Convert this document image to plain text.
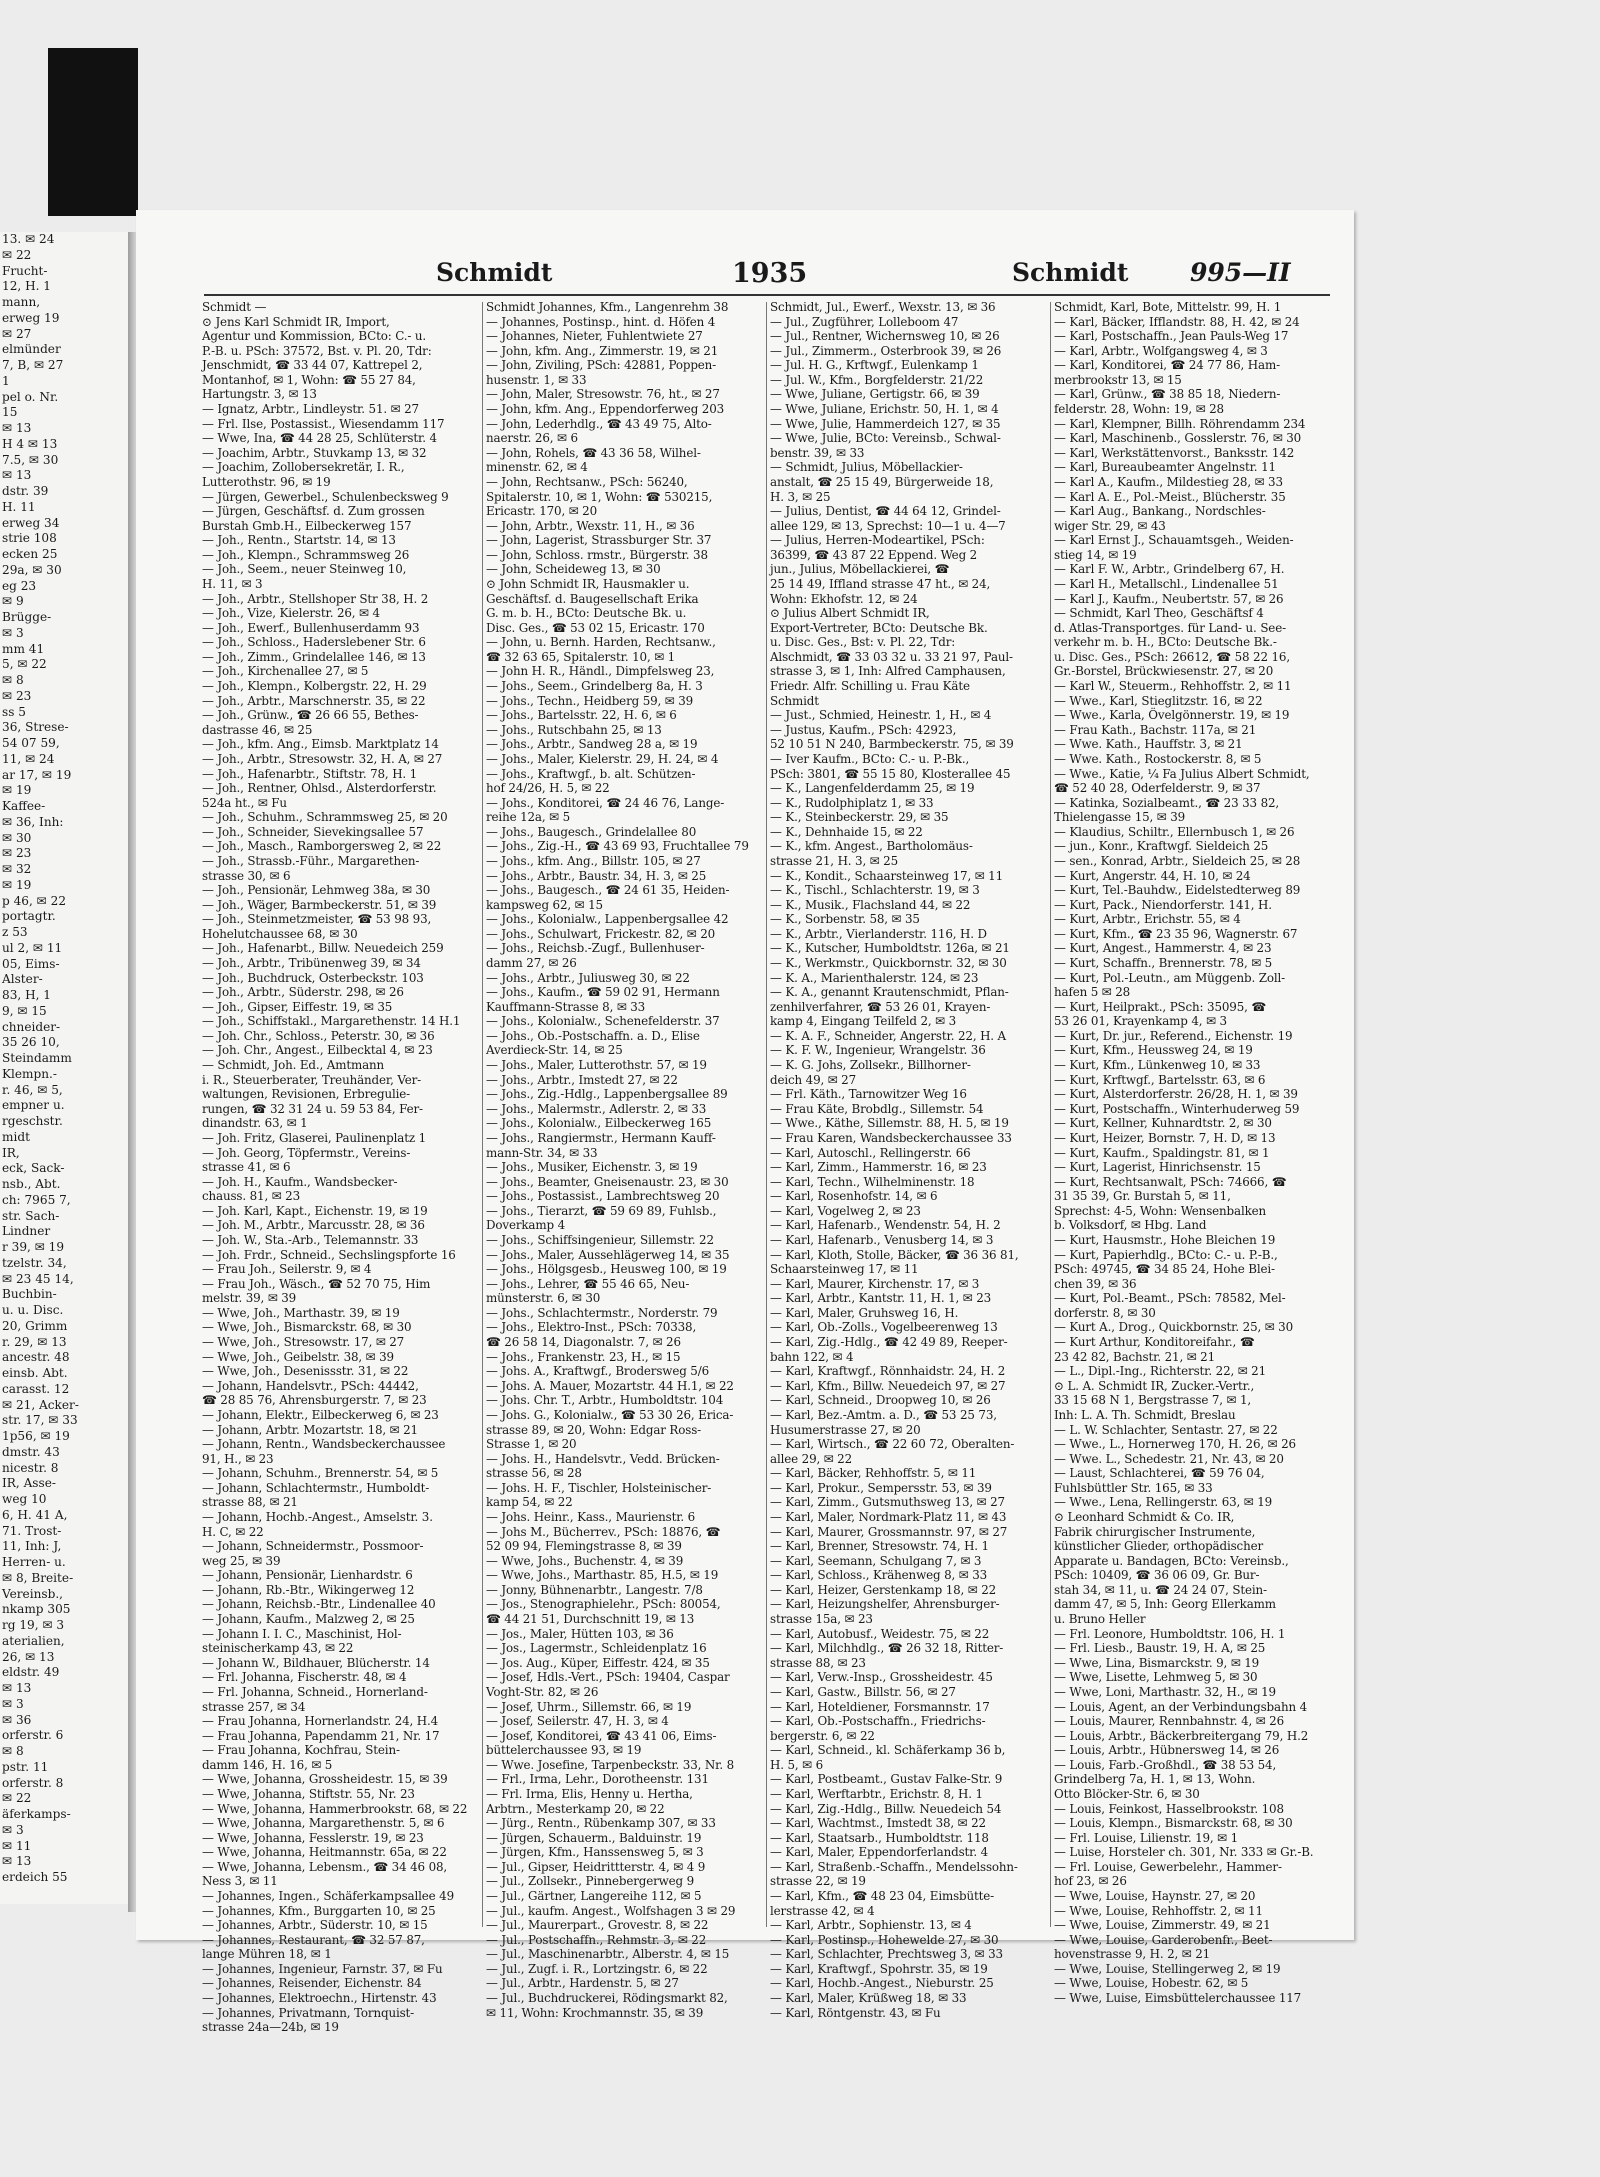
13. ✉ 24
✉ 22
Frucht-
12, H. 1
mann,
erweg 19
✉ 27
elmünder
7, B, ✉ 27
1
pel o. Nr.
15
✉ 13
H 4 ✉ 13
7.5, ✉ 30
✉ 13
dstr. 39
H. 11
erweg 34
strie 108
ecken 25
29a, ✉ 30
eg 23
✉ 9
Brügge-
✉ 3
mm 41
5, ✉ 22
✉ 8
✉ 23
ss 5
36, Strese-
54 07 59,
11, ✉ 24
ar 17, ✉ 19
✉ 19
Kaffee-
✉ 36, Inh:
✉ 30
✉ 23
✉ 32
✉ 19
p 46, ✉ 22
portagtr.
z 53
ul 2, ✉ 11
05, Eims-
Alster-
83, H, 1
9, ✉ 15
chneider-
35 26 10,
Steindamm
Klempn.-
r. 46, ✉ 5,
empner u.
rgeschstr.
midt
IR,
eck, Sack-
nsb., Abt.
ch: 7965 7,
str. Sach-
Lindner
r 39, ✉ 19
tzelstr. 34,
✉ 23 45 14,
Buchbin-
u. u. Disc.
20, Grimm
r. 29, ✉ 13
ancestr. 48
einsb. Abt.
carasst. 12
✉ 21, Acker-
str. 17, ✉ 33
1p56, ✉ 19
dmstr. 43
nicestr. 8
IR, Asse-
weg 10
6, H. 41 A,
71. Trost-
11, Inh: J,
Herren- u.
✉ 8, Breite-
Vereinsb.,
nkamp 305
rg 19, ✉ 3
aterialien,
26, ✉ 13
eldstr. 49
✉ 13
✉ 3
✉ 36
orferstr. 6
✉ 8
pstr. 11
orferstr. 8
✉ 22
äferkamps-
✉ 3
✉ 11
✉ 13
erdeich 55
Schmidt	1935	Schmidt 995—II
Schmidt —
⊙ Jens Karl Schmidt IR, Import,
Agentur und Kommission, BCto: C.- u.
P.-B. u. PSch: 37572, Bst. v. Pl. 20, Tdr:
Jenschmidt, ☎ 33 44 07, Kattrepel 2,
Montanhof, ✉ 1, Wohn: ☎ 55 27 84,
Hartungstr. 3, ✉ 13
— Ignatz, Arbtr., Lindleystr. 51. ✉ 27
— Frl. Ilse, Postassist., Wiesendamm 117
— Wwe, Ina, ☎ 44 28 25, Schlüterstr. 4
— Joachim, Arbtr., Stuvkamp 13, ✉ 32
— Joachim, Zollobersekretär, I. R.,
Lutterothstr. 96, ✉ 19
— Jürgen, Gewerbel., Schulenbecksweg 9
— Jürgen, Geschäftsf. d. Zum grossen
Burstah Gmb.H., Eilbeckerweg 157
— Joh., Rentn., Startstr. 14, ✉ 13
— Joh., Klempn., Schrammsweg 26
— Joh., Seem., neuer Steinweg 10,
H. 11, ✉ 3
— Joh., Arbtr., Stellshoper Str 38, H. 2
— Joh., Vize, Kielerstr. 26, ✉ 4
— Joh., Ewerf., Bullenhuserdamm 93
— Joh., Schloss., Haderslebener Str. 6
— Joh., Zimm., Grindelallee 146, ✉ 13
— Joh., Kirchenallee 27, ✉ 5
— Joh., Klempn., Kolbergstr. 22, H. 29
— Joh., Arbtr., Marschnerstr. 35, ✉ 22
— Joh., Grünw., ☎ 26 66 55, Bethes-
dastrasse 46, ✉ 25
— Joh., kfm. Ang., Eimsb. Marktplatz 14
— Joh., Arbtr., Stresowstr. 32, H. A, ✉ 27
— Joh., Hafenarbtr., Stiftstr. 78, H. 1
— Joh., Rentner, Ohlsd., Alsterdorferstr.
524a ht., ✉ Fu
— Joh., Schuhm., Schrammsweg 25, ✉ 20
— Joh., Schneider, Sievekingsallee 57
— Joh., Masch., Ramborgersweg 2, ✉ 22
— Joh., Strassb.-Führ., Margarethen-
strasse 30, ✉ 6
— Joh., Pensionär, Lehmweg 38a, ✉ 30
— Joh., Wäger, Barmbeckerstr. 51, ✉ 39
— Joh., Steinmetzmeister, ☎ 53 98 93,
Hohelutchaussee 68, ✉ 30
— Joh., Hafenarbt., Billw. Neuedeich 259
— Joh., Arbtr., Tribünenweg 39, ✉ 34
— Joh., Buchdruck, Osterbeckstr. 103
— Joh., Arbtr., Süderstr. 298, ✉ 26
— Joh., Gipser, Eiffestr. 19, ✉ 35
— Joh., Schiffstakl., Margarethenstr. 14 H.1
— Joh. Chr., Schloss., Peterstr. 30, ✉ 36
— Joh. Chr., Angest., Eilbecktal 4, ✉ 23
— Schmidt, Joh. Ed., Amtmann
i. R., Steuerberater, Treuhänder, Ver-
waltungen, Revisionen, Erbregulie-
rungen, ☎ 32 31 24 u. 59 53 84, Fer-
dinandstr. 63, ✉ 1
— Joh. Fritz, Glaserei, Paulinenplatz 1
— Joh. Georg, Töpfermstr., Vereins-
strasse 41, ✉ 6
— Joh. H., Kaufm., Wandsbecker-
chauss. 81, ✉ 23
— Joh. Karl, Kapt., Eichenstr. 19, ✉ 19
— Joh. M., Arbtr., Marcusstr. 28, ✉ 36
— Joh. W., Sta.-Arb., Telemannstr. 33
— Joh. Frdr., Schneid., Sechslingspforte 16
— Frau Joh., Seilerstr. 9, ✉ 4
— Frau Joh., Wäsch., ☎ 52 70 75, Him
melstr. 39, ✉ 39
— Wwe, Joh., Marthastr. 39, ✉ 19
— Wwe, Joh., Bismarckstr. 68, ✉ 30
— Wwe, Joh., Stresowstr. 17, ✉ 27
— Wwe, Joh., Geibelstr. 38, ✉ 39
— Wwe, Joh., Desenissstr. 31, ✉ 22
— Johann, Handelsvtr., PSch: 44442,
☎ 28 85 76, Ahrensburgerstr. 7, ✉ 23
— Johann, Elektr., Eilbeckerweg 6, ✉ 23
— Johann, Arbtr. Mozartstr. 18, ✉ 21
— Johann, Rentn., Wandsbeckerchaussee
91, H., ✉ 23
— Johann, Schuhm., Brennerstr. 54, ✉ 5
— Johann, Schlachtermstr., Humboldt-
strasse 88, ✉ 21
— Johann, Hochb.-Angest., Amselstr. 3.
H. C, ✉ 22
— Johann, Schneidermstr., Possmoor-
weg 25, ✉ 39
— Johann, Pensionär, Lienhardstr. 6
— Johann, Rb.-Btr., Wikingerweg 12
— Johann, Reichsb.-Btr., Lindenallee 40
— Johann, Kaufm., Malzweg 2, ✉ 25
— Johann I. I. C., Maschinist, Hol-
steinischerkamp 43, ✉ 22
— Johann W., Bildhauer, Blücherstr. 14
— Frl. Johanna, Fischerstr. 48, ✉ 4
— Frl. Johanna, Schneid., Hornerland-
strasse 257, ✉ 34
— Frau Johanna, Hornerlandstr. 24, H.4
— Frau Johanna, Papendamm 21, Nr. 17
— Frau Johanna, Kochfrau, Stein-
damm 146, H. 16, ✉ 5
— Wwe, Johanna, Grossheidestr. 15, ✉ 39
— Wwe, Johanna, Stiftstr. 55, Nr. 23
— Wwe, Johanna, Hammerbrookstr. 68, ✉ 22
— Wwe, Johanna, Margarethenstr. 5, ✉ 6
— Wwe, Johanna, Fesslerstr. 19, ✉ 23
— Wwe, Johanna, Heitmannstr. 65a, ✉ 22
— Wwe, Johanna, Lebensm., ☎ 34 46 08,
Ness 3, ✉ 11
— Johannes, Ingen., Schäferkampsallee 49
— Johannes, Kfm., Burggarten 10, ✉ 25
— Johannes, Arbtr., Süderstr. 10, ✉ 15
— Johannes, Restaurant, ☎ 32 57 87,
lange Mühren 18, ✉ 1
— Johannes, Ingenieur, Farnstr. 37, ✉ Fu
— Johannes, Reisender, Eichenstr. 84
— Johannes, Elektroechn., Hirtenstr. 43
— Johannes, Privatmann, Tornquist-
strasse 24a—24b, ✉ 19
Schmidt Johannes, Kfm., Langenrehm 38
— Johannes, Postinsp., hint. d. Höfen 4
— Johannes, Nieter, Fuhlentwiete 27
— John, kfm. Ang., Zimmerstr. 19, ✉ 21
— John, Ziviling, PSch: 42881, Poppen-
husenstr. 1, ✉ 33
— John, Maler, Stresowstr. 76, ht., ✉ 27
— John, kfm. Ang., Eppendorferweg 203
— John, Lederhdlg., ☎ 43 49 75, Alto-
naerstr. 26, ✉ 6
— John, Rohels, ☎ 43 36 58, Wilhel-
minenstr. 62, ✉ 4
— John, Rechtsanw., PSch: 56240,
Spitalerstr. 10, ✉ 1, Wohn: ☎ 530215,
Ericastr. 170, ✉ 20
— John, Arbtr., Wexstr. 11, H., ✉ 36
— John, Lagerist, Strassburger Str. 37
— John, Schloss. rmstr., Bürgerstr. 38
— John, Scheideweg 13, ✉ 30
⊙ John Schmidt IR, Hausmakler u.
Geschäftsf. d. Baugesellschaft Erika
G. m. b. H., BCto: Deutsche Bk. u.
Disc. Ges., ☎ 53 02 15, Ericastr. 170
— John, u. Bernh. Harden, Rechtsanw.,
☎ 32 63 65, Spitalerstr. 10, ✉ 1
— John H. R., Händl., Dimpfelsweg 23,
— Johs., Seem., Grindelberg 8a, H. 3
— Johs., Techn., Heidberg 59, ✉ 39
— Johs., Bartelsstr. 22, H. 6, ✉ 6
— Johs., Rutschbahn 25, ✉ 13
— Johs., Arbtr., Sandweg 28 a, ✉ 19
— Johs., Maler, Kielerstr. 29, H. 24, ✉ 4
— Johs., Kraftwgf., b. alt. Schützen-
hof 24/26, H. 5, ✉ 22
— Johs., Konditorei, ☎ 24 46 76, Lange-
reihe 12a, ✉ 5
— Johs., Baugesch., Grindelallee 80
— Johs., Zig.-H., ☎ 43 69 93, Fruchtallee 79
— Johs., kfm. Ang., Billstr. 105, ✉ 27
— Johs., Arbtr., Baustr. 34, H. 3, ✉ 25
— Johs., Baugesch., ☎ 24 61 35, Heiden-
kampsweg 62, ✉ 15
— Johs., Kolonialw., Lappenbergsallee 42
— Johs., Schulwart, Frickestr. 82, ✉ 20
— Johs., Reichsb.-Zugf., Bullenhuser-
damm 27, ✉ 26
— Johs., Arbtr., Juliusweg 30, ✉ 22
— Johs., Kaufm., ☎ 59 02 91, Hermann
Kauffmann-Strasse 8, ✉ 33
— Johs., Kolonialw., Schenefelderstr. 37
— Johs., Ob.-Postschaffn. a. D., Elise
Averdieck-Str. 14, ✉ 25
— Johs., Maler, Lutterothstr. 57, ✉ 19
— Johs., Arbtr., Imstedt 27, ✉ 22
— Johs., Zig.-Hdlg., Lappenbergsallee 89
— Johs., Malermstr., Adlerstr. 2, ✉ 33
— Johs., Kolonialw., Eilbeckerweg 165
— Johs., Rangiermstr., Hermann Kauff-
mann-Str. 34, ✉ 33
— Johs., Musiker, Eichenstr. 3, ✉ 19
— Johs., Beamter, Gneisenaustr. 23, ✉ 30
— Johs., Postassist., Lambrechtsweg 20
— Johs., Tierarzt, ☎ 59 69 89, Fuhlsb.,
Doverkamp 4
— Johs., Schiffsingenieur, Sillemstr. 22
— Johs., Maler, Aussehlägerweg 14, ✉ 35
— Johs., Hölgsgesb., Heusweg 100, ✉ 19
— Johs., Lehrer, ☎ 55 46 65, Neu-
münsterstr. 6, ✉ 30
— Johs., Schlachtermstr., Norderstr. 79
— Johs., Elektro-Inst., PSch: 70338,
☎ 26 58 14, Diagonalstr. 7, ✉ 26
— Johs., Frankenstr. 23, H., ✉ 15
— Johs. A., Kraftwgf., Brodersweg 5/6
— Johs. A. Mauer, Mozartstr. 44 H.1, ✉ 22
— Johs. Chr. T., Arbtr., Humboldtstr. 104
— Johs. G., Kolonialw., ☎ 53 30 26, Erica-
strasse 89, ✉ 20, Wohn: Edgar Ross-
Strasse 1, ✉ 20
— Johs. H., Handelsvtr., Vedd. Brücken-
strasse 56, ✉ 28
— Johs. H. F., Tischler, Holsteinischer-
kamp 54, ✉ 22
— Johs. Heinr., Kass., Maurienstr. 6
— Johs M., Bücherrev., PSch: 18876, ☎
52 09 94, Flemingstrasse 8, ✉ 39
— Wwe, Johs., Buchenstr. 4, ✉ 39
— Wwe, Johs., Marthastr. 85, H.5, ✉ 19
— Jonny, Bühnenarbtr., Langestr. 7/8
— Jos., Stenographielehr., PSch: 80054,
☎ 44 21 51, Durchschnitt 19, ✉ 13
— Jos., Maler, Hütten 103, ✉ 36
— Jos., Lagermstr., Schleidenplatz 16
— Jos. Aug., Küper, Eiffestr. 424, ✉ 35
— Josef, Hdls.-Vert., PSch: 19404, Caspar
Voght-Str. 82, ✉ 26
— Josef, Uhrm., Sillemstr. 66, ✉ 19
— Josef, Seilerstr. 47, H. 3, ✉ 4
— Josef, Konditorei, ☎ 43 41 06, Eims-
büttelerchaussee 93, ✉ 19
— Wwe. Josefine, Tarpenbeckstr. 33, Nr. 8
— Frl., Irma, Lehr., Dorotheenstr. 131
— Frl. Irma, Elis, Henny u. Hertha,
Arbtrn., Mesterkamp 20, ✉ 22
— Jürg., Rentn., Rübenkamp 307, ✉ 33
— Jürgen, Schauerm., Balduinstr. 19
— Jürgen, Kfm., Hanssensweg 5, ✉ 3
— Jul., Gipser, Heidrittterstr. 4, ✉ 4 9
— Jul., Zollsekr., Pinnebergerweg 9
— Jul., Gärtner, Langereihe 112, ✉ 5
— Jul., kaufm. Angest., Wolfshagen 3 ✉ 29
— Jul., Maurerpart., Grovestr. 8, ✉ 22
— Jul., Postschaffn., Rehmstr. 3, ✉ 22
— Jul., Maschinenarbtr., Alberstr. 4, ✉ 15
— Jul., Zugf. i. R., Lortzingstr. 6, ✉ 22
— Jul., Arbtr., Hardenstr. 5, ✉ 27
— Jul., Buchdruckerei, Rödingsmarkt 82,
✉ 11, Wohn: Krochmannstr. 35, ✉ 39
Schmidt, Jul., Ewerf., Wexstr. 13, ✉ 36
— Jul., Zugführer, Lolleboom 47
— Jul., Rentner, Wichernsweg 10, ✉ 26
— Jul., Zimmerm., Osterbrook 39, ✉ 26
— Jul. H. G., Krftwgf., Eulenkamp 1
— Jul. W., Kfm., Borgfelderstr. 21/22
— Wwe, Juliane, Gertigstr. 66, ✉ 39
— Wwe, Juliane, Erichstr. 50, H. 1, ✉ 4
— Wwe, Julie, Hammerdeich 127, ✉ 35
— Wwe, Julie, BCto: Vereinsb., Schwal-
benstr. 39, ✉ 33
— Schmidt, Julius, Möbellackier-
anstalt, ☎ 25 15 49, Bürgerweide 18,
H. 3, ✉ 25
— Julius, Dentist, ☎ 44 64 12, Grindel-
allee 129, ✉ 13, Sprechst: 10—1 u. 4—7
— Julius, Herren-Modeartikel, PSch:
36399, ☎ 43 87 22 Eppend. Weg 2
jun., Julius, Möbellackierei, ☎
25 14 49, Iffland strasse 47 ht., ✉ 24,
Wohn: Ekhofstr. 12, ✉ 24
⊙ Julius Albert Schmidt IR,
Export-Vertreter, BCto: Deutsche Bk.
u. Disc. Ges., Bst: v. Pl. 22, Tdr:
Alschmidt, ☎ 33 03 32 u. 33 21 97, Paul-
strasse 3, ✉ 1, Inh: Alfred Camphausen,
Friedr. Alfr. Schilling u. Frau Käte
Schmidt
— Just., Schmied, Heinestr. 1, H., ✉ 4
— Justus, Kaufm., PSch: 42923,
52 10 51 N 240, Barmbeckerstr. 75, ✉ 39
— Iver Kaufm., BCto: C.- u. P.-Bk.,
PSch: 3801, ☎ 55 15 80, Klosterallee 45
— K., Langenfelderdamm 25, ✉ 19
— K., Rudolphiplatz 1, ✉ 33
— K., Steinbeckerstr. 29, ✉ 35
— K., Dehnhaide 15, ✉ 22
— K., kfm. Angest., Bartholomäus-
strasse 21, H. 3, ✉ 25
— K., Kondit., Schaarsteinweg 17, ✉ 11
— K., Tischl., Schlachterstr. 19, ✉ 3
— K., Musik., Flachsland 44, ✉ 22
— K., Sorbenstr. 58, ✉ 35
— K., Arbtr., Vierlanderstr. 116, H. D
— K., Kutscher, Humboldtstr. 126a, ✉ 21
— K., Werkmstr., Quickbornstr. 32, ✉ 30
— K. A., Marienthalerstr. 124, ✉ 23
— K. A., genannt Krautenschmidt, Pflan-
zenhilverfahrer, ☎ 53 26 01, Krayen-
kamp 4, Eingang Teilfeld 2, ✉ 3
— K. A. F., Schneider, Angerstr. 22, H. A
— K. F. W., Ingenieur, Wrangelstr. 36
— K. G. Johs, Zollsekr., Billhorner-
deich 49, ✉ 27
— Frl. Käth., Tarnowitzer Weg 16
— Frau Käte, Brobdlg., Sillemstr. 54
— Wwe., Käthe, Sillemstr. 88, H. 5, ✉ 19
— Frau Karen, Wandsbeckerchaussee 33
— Karl, Autoschl., Rellingerstr. 66
— Karl, Zimm., Hammerstr. 16, ✉ 23
— Karl, Techn., Wilhelminenstr. 18
— Karl, Rosenhofstr. 14, ✉ 6
— Karl, Vogelweg 2, ✉ 23
— Karl, Hafenarb., Wendenstr. 54, H. 2
— Karl, Hafenarb., Venusberg 14, ✉ 3
— Karl, Kloth, Stolle, Bäcker, ☎ 36 36 81,
Schaarsteinweg 17, ✉ 11
— Karl, Maurer, Kirchenstr. 17, ✉ 3
— Karl, Arbtr., Kantstr. 11, H. 1, ✉ 23
— Karl, Maler, Gruhsweg 16, H.
— Karl, Ob.-Zolls., Vogelbeerenweg 13
— Karl, Zig.-Hdlg., ☎ 42 49 89, Reeper-
bahn 122, ✉ 4
— Karl, Kraftwgf., Rönnhaidstr. 24, H. 2
— Karl, Kfm., Billw. Neuedeich 97, ✉ 27
— Karl, Schneid., Droopweg 10, ✉ 26
— Karl, Bez.-Amtm. a. D., ☎ 53 25 73,
Husumerstrasse 27, ✉ 20
— Karl, Wirtsch., ☎ 22 60 72, Oberalten-
allee 29, ✉ 22
— Karl, Bäcker, Rehhoffstr. 5, ✉ 11
— Karl, Prokur., Sempersstr. 53, ✉ 39
— Karl, Zimm., Gutsmuthsweg 13, ✉ 27
— Karl, Maler, Nordmark-Platz 11, ✉ 43
— Karl, Maurer, Grossmannstr. 97, ✉ 27
— Karl, Brenner, Stresowstr. 74, H. 1
— Karl, Seemann, Schulgang 7, ✉ 3
— Karl, Schloss., Krähenweg 8, ✉ 33
— Karl, Heizer, Gerstenkamp 18, ✉ 22
— Karl, Heizungshelfer, Ahrensburger-
strasse 15a, ✉ 23
— Karl, Autobusf., Weidestr. 75, ✉ 22
— Karl, Milchhdlg., ☎ 26 32 18, Ritter-
strasse 88, ✉ 23
— Karl, Verw.-Insp., Grossheidestr. 45
— Karl, Gastw., Billstr. 56, ✉ 27
— Karl, Hoteldiener, Forsmannstr. 17
— Karl, Ob.-Postschaffn., Friedrichs-
bergerstr. 6, ✉ 22
— Karl, Schneid., kl. Schäferkamp 36 b,
H. 5, ✉ 6
— Karl, Postbeamt., Gustav Falke-Str. 9
— Karl, Werftarbtr., Erichstr. 8, H. 1
— Karl, Zig.-Hdlg., Billw. Neuedeich 54
— Karl, Wachtmst., Imstedt 38, ✉ 22
— Karl, Staatsarb., Humboldtstr. 118
— Karl, Maler, Eppendorferlandstr. 4
— Karl, Straßenb.-Schaffn., Mendelssohn-
strasse 22, ✉ 19
— Karl, Kfm., ☎ 48 23 04, Eimsbütte-
lerstrasse 42, ✉ 4
— Karl, Arbtr., Sophienstr. 13, ✉ 4
— Karl, Postinsp., Hohewelde 27, ✉ 30
— Karl, Schlachter, Prechtsweg 3, ✉ 33
— Karl, Kraftwgf., Spohrstr. 35, ✉ 19
— Karl, Hochb.-Angest., Nieburstr. 25
— Karl, Maler, Krüßweg 18, ✉ 33
— Karl, Röntgenstr. 43, ✉ Fu
Schmidt, Karl, Bote, Mittelstr. 99, H. 1
— Karl, Bäcker, Ifflandstr. 88, H. 42, ✉ 24
— Karl, Postschaffn., Jean Pauls-Weg 17
— Karl, Arbtr., Wolfgangsweg 4, ✉ 3
— Karl, Konditorei, ☎ 24 77 86, Ham-
merbrookstr 13, ✉ 15
— Karl, Grünw., ☎ 38 85 18, Niedern-
felderstr. 28, Wohn: 19, ✉ 28
— Karl, Klempner, Billh. Röhrendamm 234
— Karl, Maschinenb., Gosslerstr. 76, ✉ 30
— Karl, Werkstättenvorst., Banksstr. 142
— Karl, Bureaubeamter Angelnstr. 11
— Karl A., Kaufm., Mildestieg 28, ✉ 33
— Karl A. E., Pol.-Meist., Blücherstr. 35
— Karl Aug., Bankang., Nordschles-
wiger Str. 29, ✉ 43
— Karl Ernst J., Schauamtsgeh., Weiden-
stieg 14, ✉ 19
— Karl F. W., Arbtr., Grindelberg 67, H.
— Karl H., Metallschl., Lindenallee 51
— Karl J., Kaufm., Neubertstr. 57, ✉ 26
— Schmidt, Karl Theo, Geschäftsf 4
d. Atlas-Transportges. für Land- u. See-
verkehr m. b. H., BCto: Deutsche Bk.-
u. Disc. Ges., PSch: 26612, ☎ 58 22 16,
Gr.-Borstel, Brückwiesenstr. 27, ✉ 20
— Karl W., Steuerm., Rehhoffstr. 2, ✉ 11
— Wwe., Karl, Stieglitzstr. 16, ✉ 22
— Wwe., Karla, Övelgönnerstr. 19, ✉ 19
— Frau Kath., Bachstr. 117a, ✉ 21
— Wwe. Kath., Hauffstr. 3, ✉ 21
— Wwe. Kath., Rostockerstr. 8, ✉ 5
— Wwe., Katie, ¼ Fa Julius Albert Schmidt,
☎ 52 40 28, Oderfelderstr. 9, ✉ 37
— Katinka, Sozialbeamt., ☎ 23 33 82,
Thielengasse 15, ✉ 39
— Klaudius, Schiltr., Ellernbusch 1, ✉ 26
— jun., Konr., Kraftwgf. Sieldeich 25
— sen., Konrad, Arbtr., Sieldeich 25, ✉ 28
— Kurt, Angerstr. 44, H. 10, ✉ 24
— Kurt, Tel.-Bauhdw., Eidelstedterweg 89
— Kurt, Pack., Niendorferstr. 141, H.
— Kurt, Arbtr., Erichstr. 55, ✉ 4
— Kurt, Kfm., ☎ 23 35 96, Wagnerstr. 67
— Kurt, Angest., Hammerstr. 4, ✉ 23
— Kurt, Schaffn., Brennerstr. 78, ✉ 5
— Kurt, Pol.-Leutn., am Müggenb. Zoll-
hafen 5 ✉ 28
— Kurt, Heilprakt., PSch: 35095, ☎
53 26 01, Krayenkamp 4, ✉ 3
— Kurt, Dr. jur., Referend., Eichenstr. 19
— Kurt, Kfm., Heussweg 24, ✉ 19
— Kurt, Kfm., Lünkenweg 10, ✉ 33
— Kurt, Krftwgf., Bartelsstr. 63, ✉ 6
— Kurt, Alsterdorferstr. 26/28, H. 1, ✉ 39
— Kurt, Postschaffn., Winterhuderweg 59
— Kurt, Kellner, Kuhnardtstr. 2, ✉ 30
— Kurt, Heizer, Bornstr. 7, H. D, ✉ 13
— Kurt, Kaufm., Spaldingstr. 81, ✉ 1
— Kurt, Lagerist, Hinrichsenstr. 15
— Kurt, Rechtsanwalt, PSch: 74666, ☎
31 35 39, Gr. Burstah 5, ✉ 11,
Sprechst: 4-5, Wohn: Wensenbalken
b. Volksdorf, ✉ Hbg. Land
— Kurt, Hausmstr., Hohe Bleichen 19
— Kurt, Papierhdlg., BCto: C.- u. P.-B.,
PSch: 49745, ☎ 34 85 24, Hohe Blei-
chen 39, ✉ 36
— Kurt, Pol.-Beamt., PSch: 78582, Mel-
dorferstr. 8, ✉ 30
— Kurt A., Drog., Quickbornstr. 25, ✉ 30
— Kurt Arthur, Konditoreifahr., ☎
23 42 82, Bachstr. 21, ✉ 21
— L., Dipl.-Ing., Richterstr. 22, ✉ 21
⊙ L. A. Schmidt IR, Zucker.-Vertr.,
33 15 68 N 1, Bergstrasse 7, ✉ 1,
Inh: L. A. Th. Schmidt, Breslau
— L. W. Schlachter, Sentastr. 27, ✉ 22
— Wwe., L., Hornerweg 170, H. 26, ✉ 26
— Wwe. L., Schedestr. 21, Nr. 43, ✉ 20
— Laust, Schlachterei, ☎ 59 76 04,
Fuhlsbüttler Str. 165, ✉ 33
— Wwe., Lena, Rellingerstr. 63, ✉ 19
⊙ Leonhard Schmidt & Co. IR,
Fabrik chirurgischer Instrumente,
künstlicher Glieder, orthopädischer
Apparate u. Bandagen, BCto: Vereinsb.,
PSch: 10409, ☎ 36 06 09, Gr. Bur-
stah 34, ✉ 11, u. ☎ 24 24 07, Stein-
damm 47, ✉ 5, Inh: Georg Ellerkamm
u. Bruno Heller
— Frl. Leonore, Humboldtstr. 106, H. 1
— Frl. Liesb., Baustr. 19, H. A, ✉ 25
— Wwe, Lina, Bismarckstr. 9, ✉ 19
— Wwe, Lisette, Lehmweg 5, ✉ 30
— Wwe, Loni, Marthastr. 32, H., ✉ 19
— Louis, Agent, an der Verbindungsbahn 4
— Louis, Maurer, Rennbahnstr. 4, ✉ 26
— Louis, Arbtr., Bäckerbreitergang 79, H.2
— Louis, Arbtr., Hübnersweg 14, ✉ 26
— Louis, Farb.-Großhdl., ☎ 38 53 54,
Grindelberg 7a, H. 1, ✉ 13, Wohn.
Otto Blöcker-Str. 6, ✉ 30
— Louis, Feinkost, Hasselbrookstr. 108
— Louis, Klempn., Bismarckstr. 68, ✉ 30
— Frl. Louise, Lilienstr. 19, ✉ 1
— Luise, Horsteler ch. 301, Nr. 333 ✉ Gr.-B.
— Frl. Louise, Gewerbelehr., Hammer-
hof 23, ✉ 26
— Wwe, Louise, Haynstr. 27, ✉ 20
— Wwe, Louise, Rehhoffstr. 2, ✉ 11
— Wwe, Louise, Zimmerstr. 49, ✉ 21
— Wwe, Louise, Garderobenfr., Beet-
hovenstrasse 9, H. 2, ✉ 21
— Wwe, Louise, Stellingerweg 2, ✉ 19
— Wwe, Louise, Hobestr. 62, ✉ 5
— Wwe, Luise, Eimsbüttelerchaussee 117
